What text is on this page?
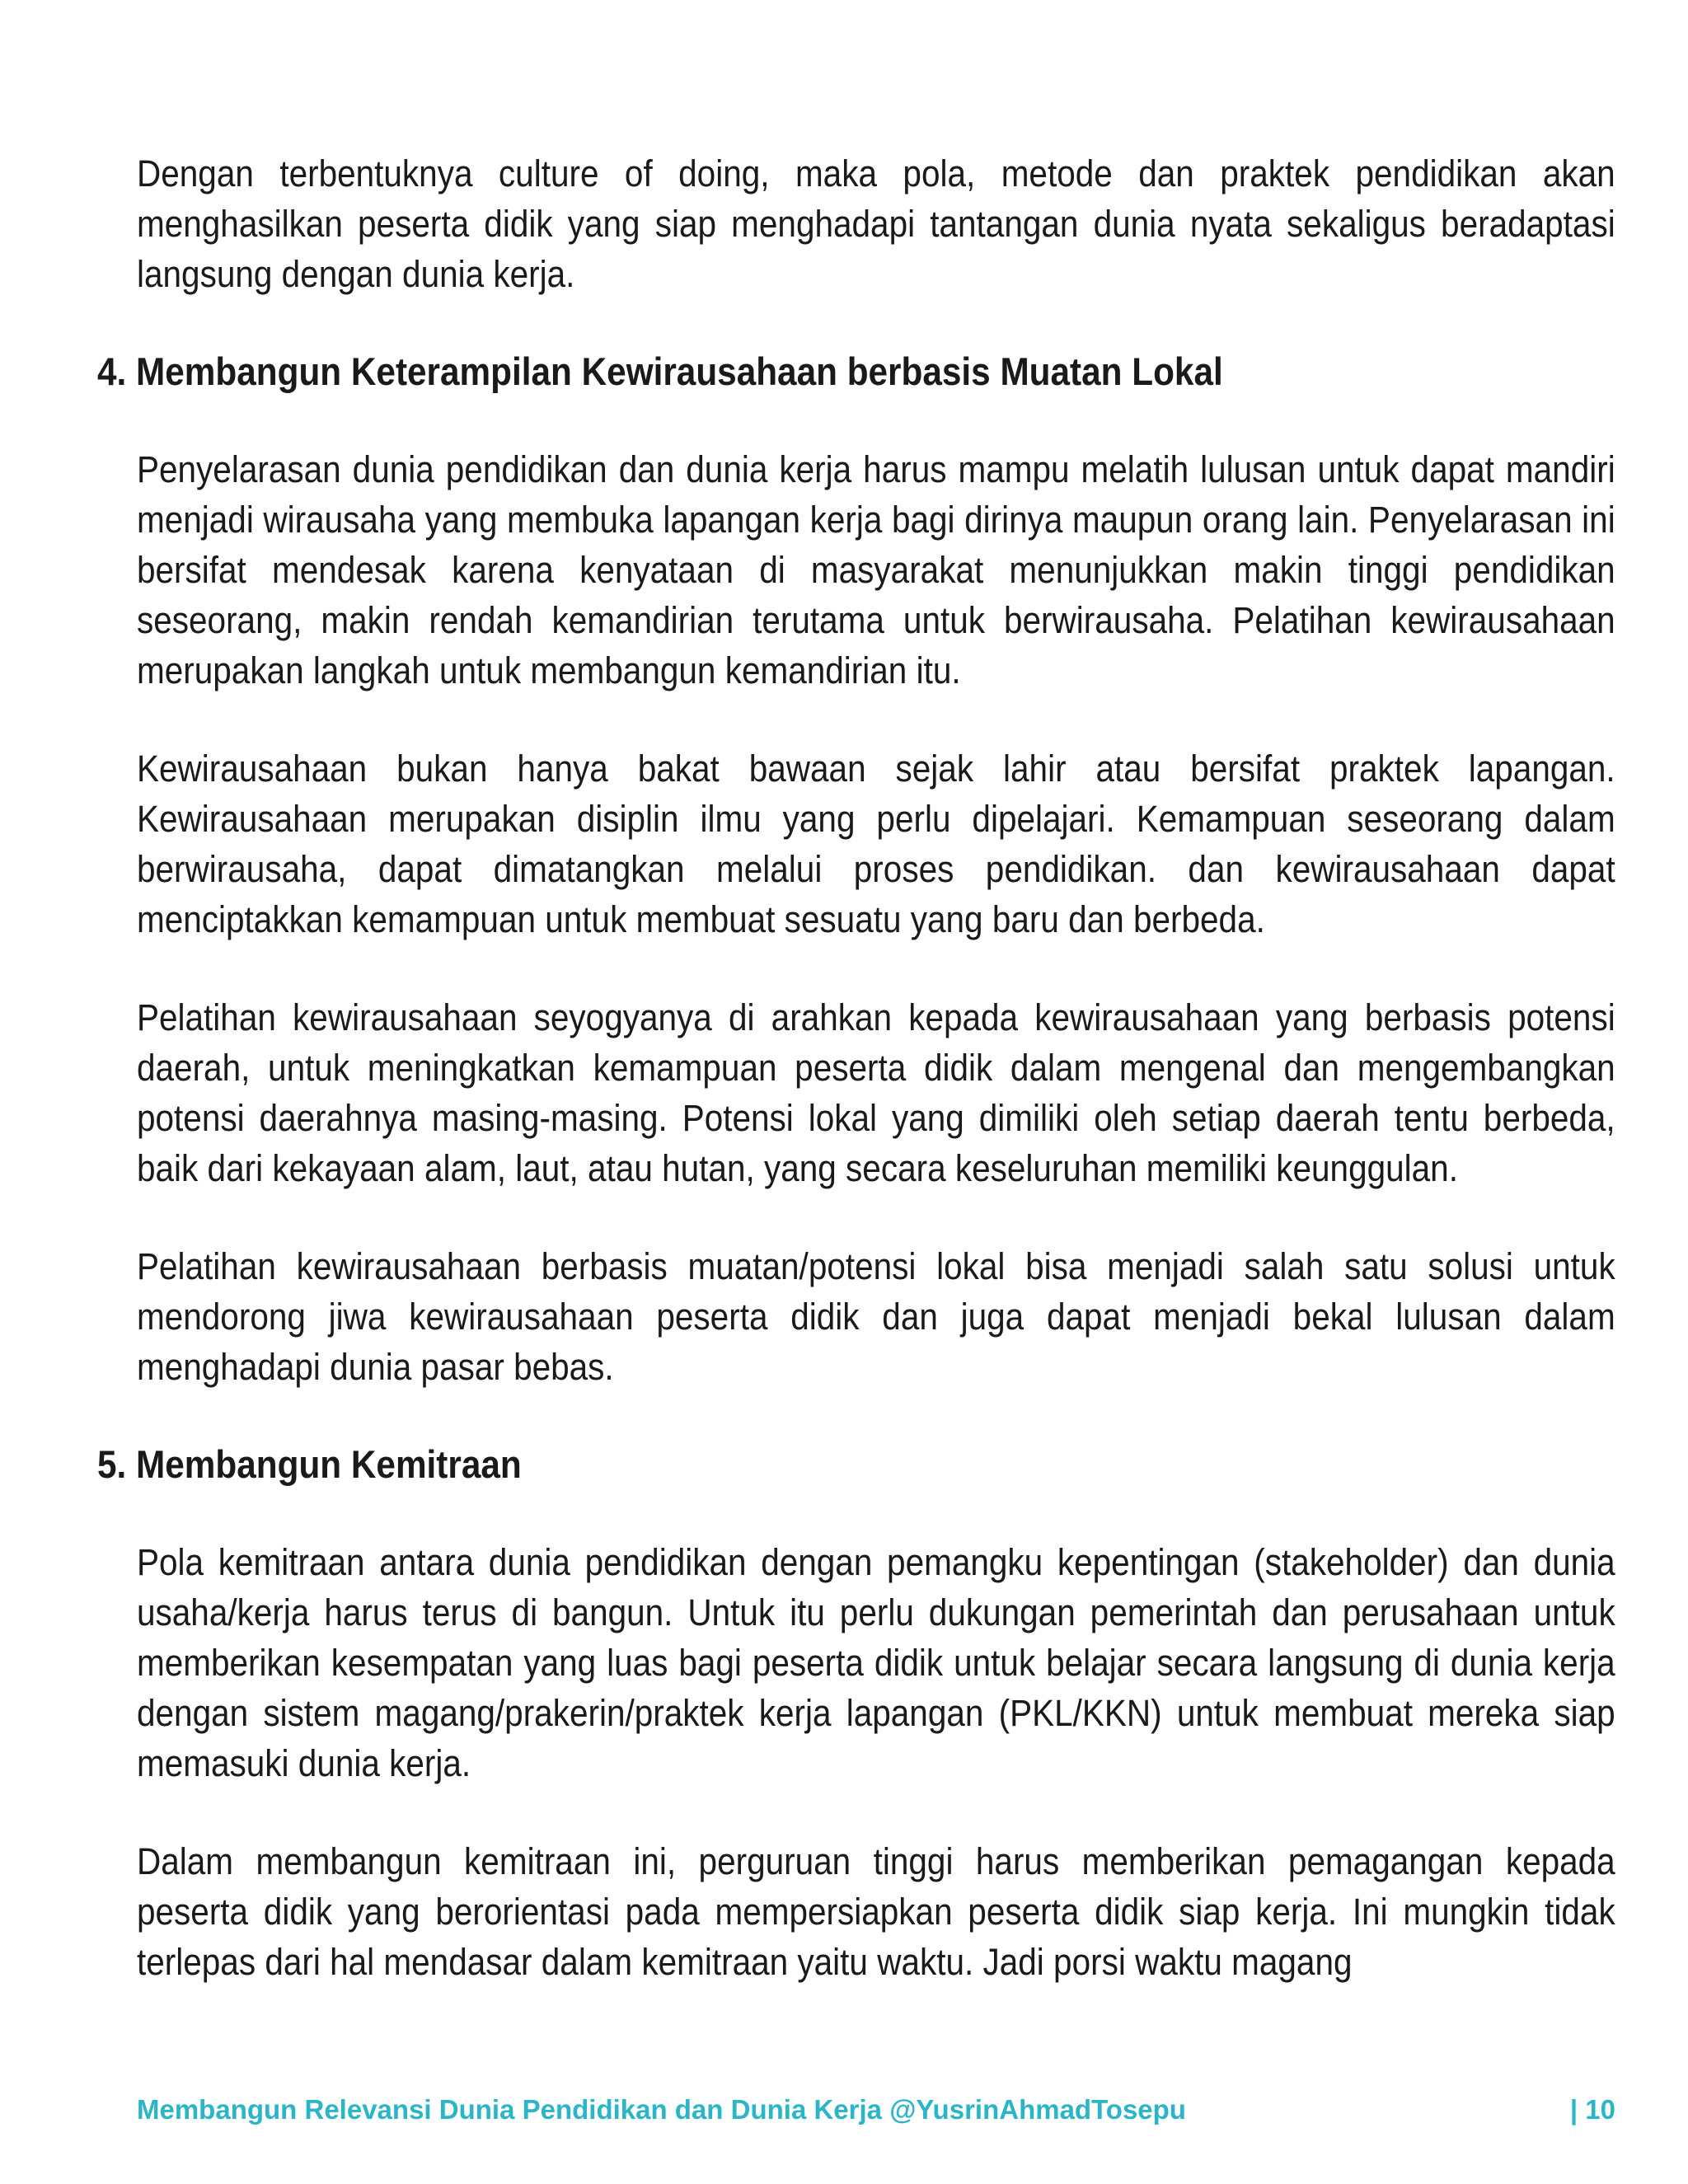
Dengan terbentuknya culture of doing, maka pola, metode dan praktek pendidikan akan menghasilkan peserta didik yang siap menghadapi tantangan dunia nyata sekaligus beradaptasi langsung dengan dunia kerja.

4. Membangun Keterampilan Kewirausahaan berbasis Muatan Lokal

Penyelarasan dunia pendidikan dan dunia kerja harus mampu melatih lulusan untuk dapat mandiri menjadi wirausaha yang membuka lapangan kerja bagi dirinya maupun orang lain. Penyelarasan ini bersifat mendesak karena kenyataan di masyarakat menunjukkan makin tinggi pendidikan seseorang, makin rendah kemandirian terutama untuk berwirausaha. Pelatihan kewirausahaan merupakan langkah untuk membangun kemandirian itu.

Kewirausahaan bukan hanya bakat bawaan sejak lahir atau bersifat praktek lapangan. Kewirausahaan merupakan disiplin ilmu yang perlu dipelajari. Kemampuan seseorang dalam berwirausaha, dapat dimatangkan melalui proses pendidikan. dan kewirausahaan dapat menciptakkan kemampuan untuk membuat sesuatu yang baru dan berbeda.

Pelatihan kewirausahaan seyogyanya di arahkan kepada kewirausahaan yang berbasis potensi daerah, untuk meningkatkan kemampuan peserta didik dalam mengenal dan mengembangkan potensi daerahnya masing-masing. Potensi lokal yang dimiliki oleh setiap daerah tentu berbeda, baik dari kekayaan alam, laut, atau hutan, yang secara keseluruhan memiliki keunggulan.

Pelatihan kewirausahaan berbasis muatan/potensi lokal bisa menjadi salah satu solusi untuk mendorong jiwa kewirausahaan peserta didik dan juga dapat menjadi bekal lulusan dalam menghadapi dunia pasar bebas.

5. Membangun Kemitraan

Pola kemitraan antara dunia pendidikan dengan pemangku kepentingan (stakeholder) dan dunia usaha/kerja harus terus di bangun. Untuk itu perlu dukungan pemerintah dan perusahaan untuk memberikan kesempatan yang luas bagi peserta didik untuk belajar secara langsung di dunia kerja dengan sistem magang/prakerin/praktek kerja lapangan (PKL/KKN) untuk membuat mereka siap memasuki dunia kerja.

Dalam membangun kemitraan ini, perguruan tinggi harus memberikan pemagangan kepada peserta didik yang berorientasi pada mempersiapkan peserta didik siap kerja. Ini mungkin tidak terlepas dari hal mendasar dalam kemitraan yaitu waktu. Jadi porsi waktu magang

Membangun Relevansi Dunia Pendidikan dan Dunia Kerja @YusrinAhmadTosepu	| 10
